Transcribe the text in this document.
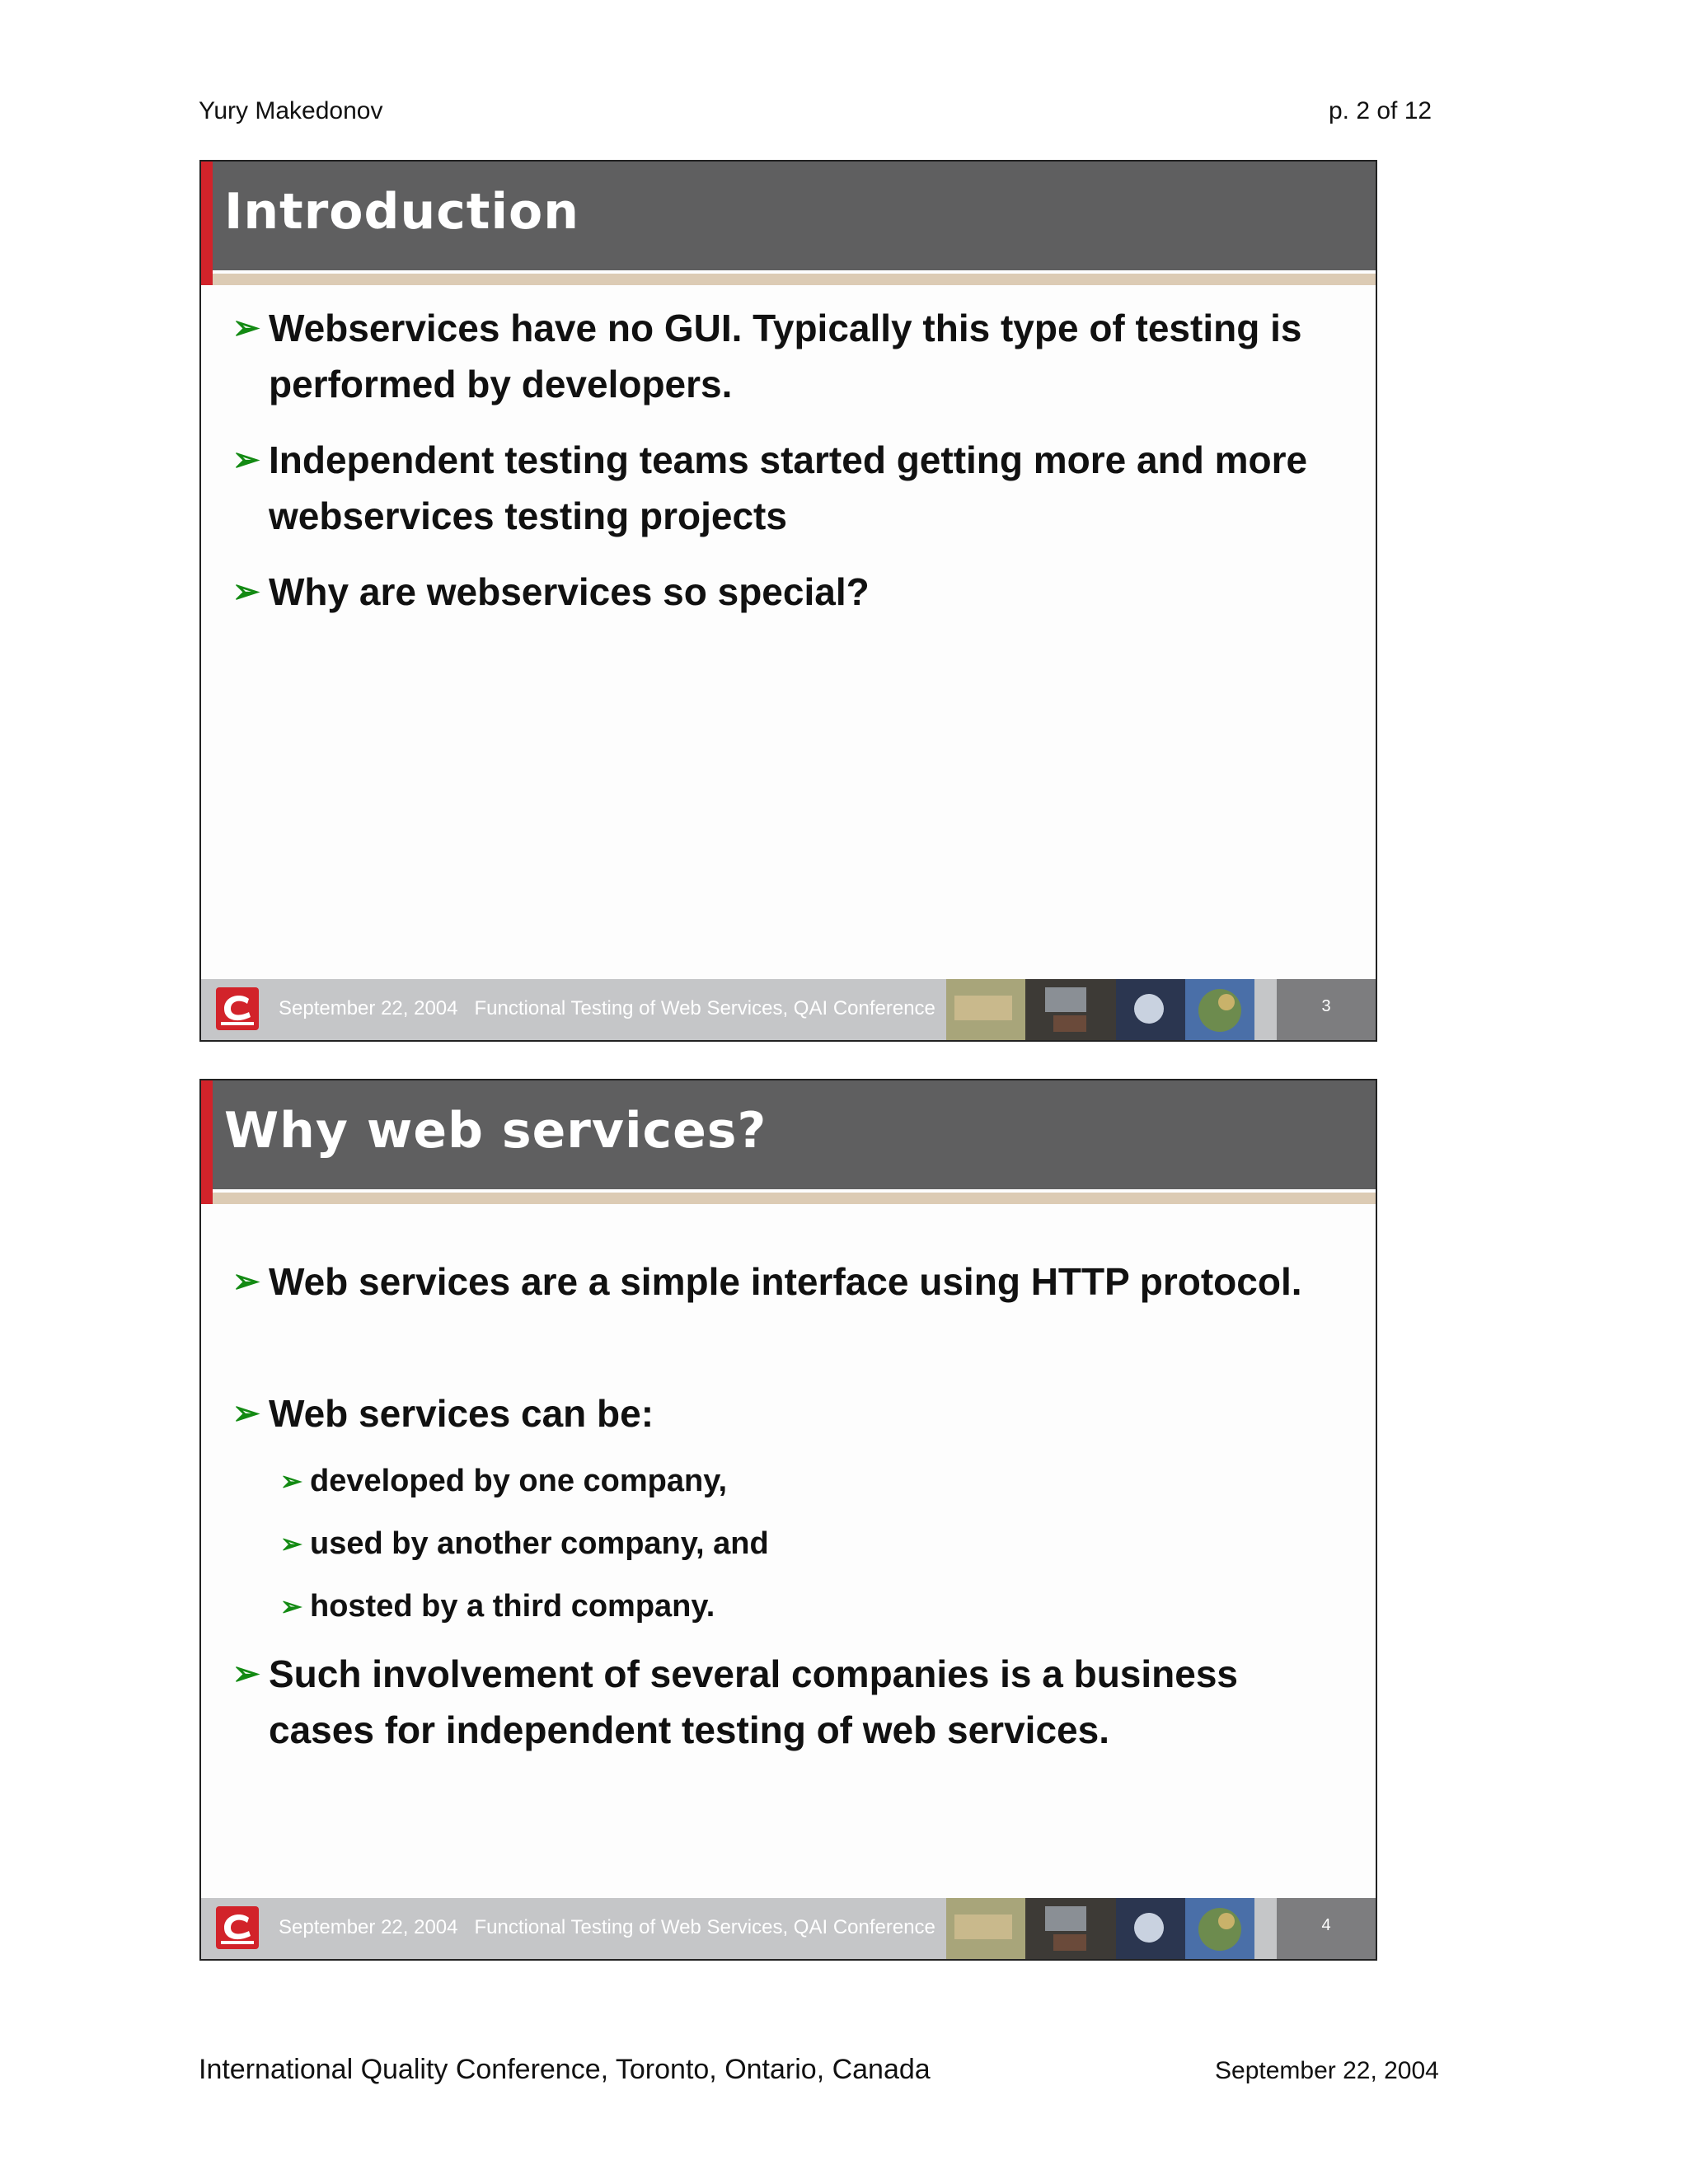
Yury Makedonov	p. 2 of 12
Introduction
➢ Webservices have no GUI. Typically this type of testing is performed by developers.
➢ Independent testing teams started getting more and more webservices testing projects
➢ Why are webservices so special?
September 22, 2004 Functional Testing of Web Services, QAI Conference	3
Why web services?
➢ Web services are a simple interface using HTTP protocol.
➢ Web services can be:
➢ developed by one company,
➢ used by another company, and
➢ hosted by a third company.
➢ Such involvement of several companies is a business cases for independent testing of web services.
September 22, 2004 Functional Testing of Web Services, QAI Conference	4
International Quality Conference, Toronto, Ontario, Canada	September 22, 2004
